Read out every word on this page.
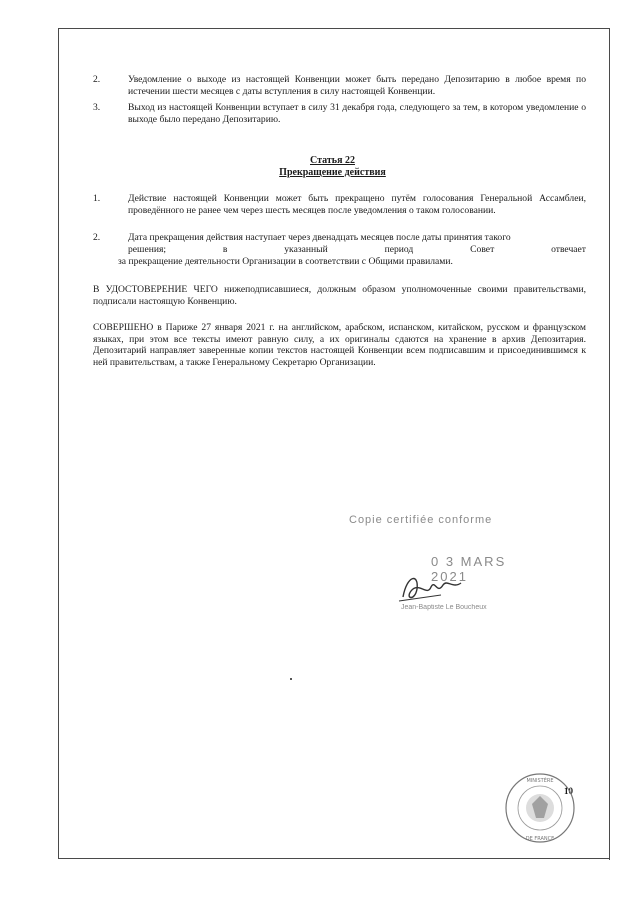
2.	Уведомление о выходе из настоящей Конвенции может быть передано Депозитарию в любое время по истечении шести месяцев с даты вступления в силу настоящей Конвенции.
3.	Выход из настоящей Конвенции вступает в силу 31 декабря года, следующего за тем, в котором уведомление о выходе было передано Депозитарию.
Статья 22
Прекращение действия
1.	Действие настоящей Конвенции может быть прекращено путём голосования Генеральной Ассамблеи, проведённого не ранее чем через шесть месяцев после уведомления о таком голосовании.
2.	Дата прекращения действия наступает через двенадцать месяцев после даты принятия такого
решения; в указанный период Совет отвечает
за прекращение деятельности Организации в соответствии с Общими правилами.
В УДОСТОВЕРЕНИЕ ЧЕГО нижеподписавшиеся, должным образом уполномоченные своими правительствами, подписали настоящую Конвенцию.
СОВЕРШЕНО в Париже 27 января 2021 г. на английском, арабском, испанском, китайском, русском и французском языках, при этом все тексты имеют равную силу, а их оригиналы сдаются на хранение в архив Депозитария. Депозитарий направляет заверенные копии текстов настоящей Конвенции всем подписавшим и присоединившимся к ней правительствам, а также Генеральному Секретарю Организации.
Copie certifiée conforme
0 3 MARS 2021
Jean-Baptiste Le Boucheux
10
MINISTÈRE
DE FRANCE
